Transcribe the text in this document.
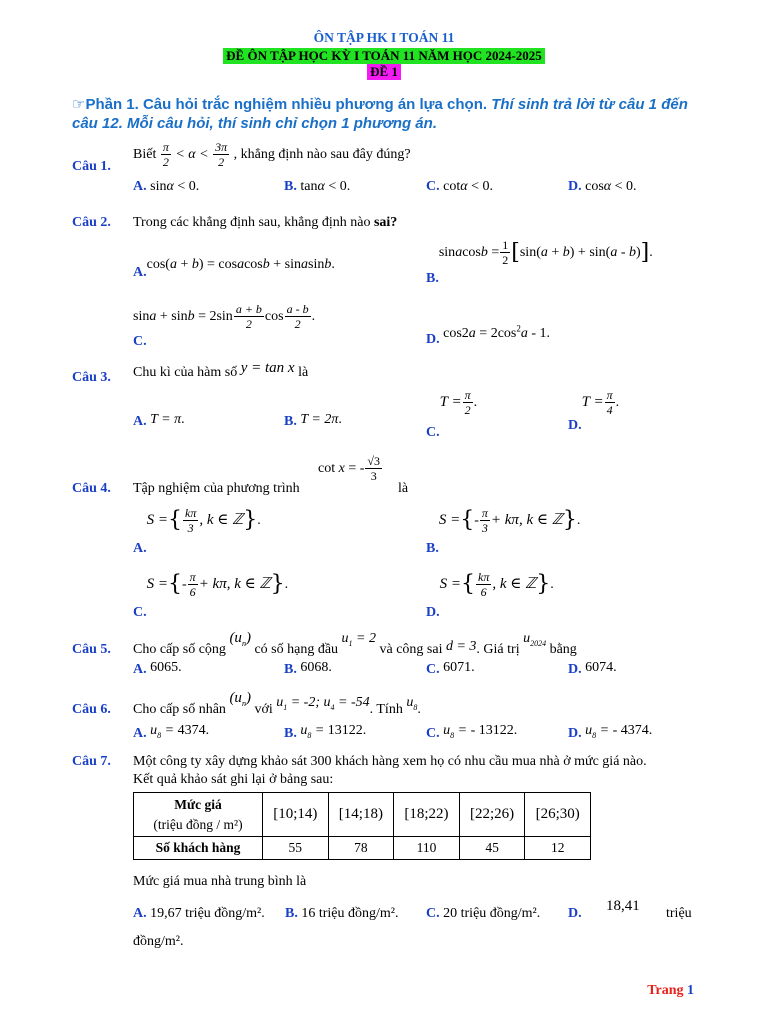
ÔN TẬP HK I TOÁN 11
ĐỀ ÔN TẬP HỌC KỲ I TOÁN 11 NĂM HỌC 2024-2025
ĐỀ 1
☞Phần 1. Câu hỏi trắc nghiệm nhiều phương án lựa chọn. Thí sinh trả lời từ câu 1 đến câu 12. Mỗi câu hỏi, thí sinh chỉ chọn 1 phương án.
Câu 1.
Biết $\frac{\pi}{2} < \alpha < \frac{3\pi}{2}$ , khẳng định nào sau đây đúng?
A. sinα < 0.	B. tanα < 0.	C. cotα < 0.	D. cosα < 0.
Câu 2. Trong các khẳng định sau, khẳng định nào sai?
A.cos(a + b) = cosacosb + sinasinb.
B.sinacosb = $\frac{1}{2} [\sin(a + b) + \sin(a - b)]$.
$\sin a + \sin b = 2\sin \frac{a + b}{2}$ $\cos \frac{a - b}{2}$ .
C.	D. $\cos 2a = 2\cos^2a - 1$.
Câu 3. Chu kì của hàm số y = tan x là
A. T = π.	B. T = 2π.
$C.T = \frac{\pi}{2}$ .
$D.T = \frac{\pi}{4}$ .
Câu 4. Tập nghiệm của phương trình
cot x = - $\frac{√3}{3}$
là
A.S ={ $\frac{k\pi}{3}$ , k ∈ ℤ}.
B.S ={- $\frac{\pi}{3} + k\pi$, k ∈ ℤ}.
C.S ={- $\frac{\pi}{6} + k\pi$, k ∈ ℤ}.
D.S ={ $\frac{k\pi}{6}$ , k ∈ ℤ}.
Câu 5. Cho cấp số cộng $(u_n)$ có số hạng đầu $u_1 = 2$ và công sai d = 3. Giá trị $u_{2024}$ bằng
A. 6065.	B. 6068.	C. 6071.	D. 6074.
Câu 6. Cho cấp số nhân $(u_n)$ với $u_1 = -2$; $u_4 = -54$. Tính $u_8$.
A. $u_8 = 4374$.	B. $u_8 = 13122$.	C. $u_8$ = - 13122.	D. $u_8$ = - 4374.
Câu 7. Một công ty xây dựng khảo sát 300 khách hàng xem họ có nhu cầu mua nhà ở mức giá nào.
Kết quả khảo sát ghi lại ở bảng sau:
Mức giá
(triệu đồng / m²)	[10;14)	[14;18)	[18;22)	[22;26)	[26;30)
Số khách hàng	55	78	110	45	12
Mức giá mua nhà trung bình là
A. 19,67 triệu đồng/m². B. 16 triệu đồng/m². C. 20 triệu đồng/m². D. 18,41 triệu
đồng/m².
Trang 1
